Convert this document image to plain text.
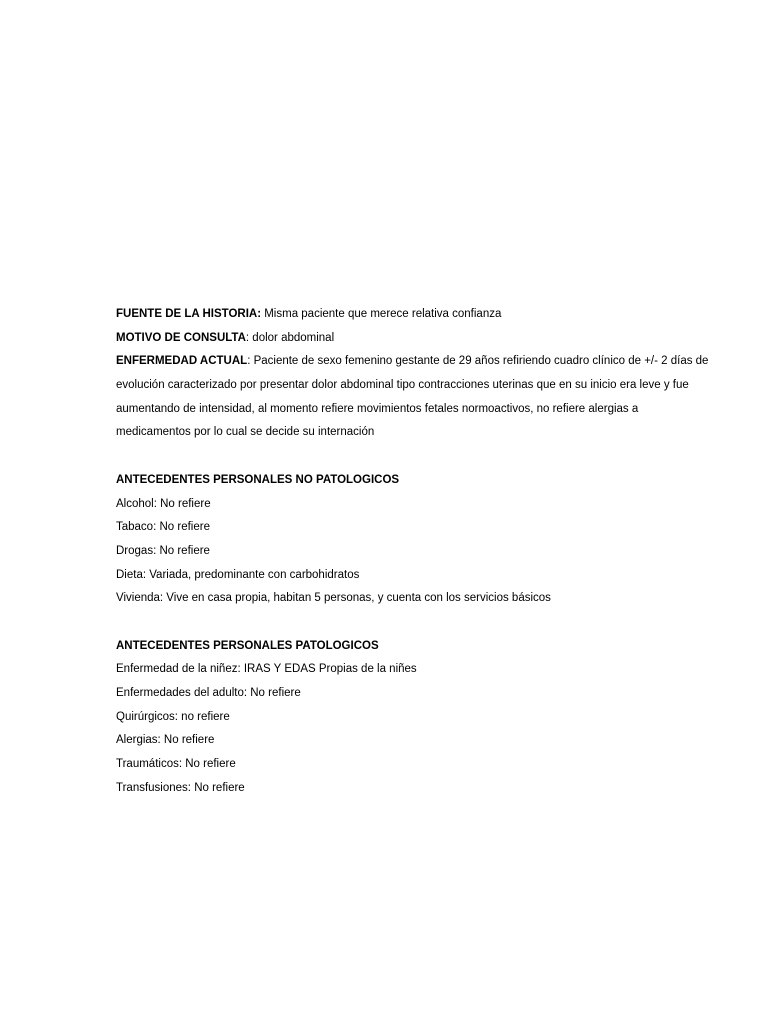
FUENTE DE LA HISTORIA: Misma paciente que merece relativa confianza
MOTIVO DE CONSULTA: dolor abdominal
ENFERMEDAD ACTUAL: Paciente de sexo femenino gestante de 29 años refiriendo cuadro clínico de +/- 2 días de
evolución caracterizado por presentar dolor abdominal tipo contracciones uterinas que en su inicio era leve y fue
aumentando de intensidad, al momento refiere movimientos fetales normoactivos, no refiere alergias a
medicamentos por lo cual se decide su internación
ANTECEDENTES PERSONALES NO PATOLOGICOS
Alcohol: No refiere
Tabaco: No refiere
Drogas: No refiere
Dieta: Variada, predominante con carbohidratos
Vivienda: Vive en casa propia, habitan 5 personas, y cuenta con los servicios básicos
ANTECEDENTES PERSONALES PATOLOGICOS
Enfermedad de la niñez: IRAS Y EDAS Propias de la niñes
Enfermedades del adulto: No refiere
Quirúrgicos: no refiere
Alergias: No refiere
Traumáticos: No refiere
Transfusiones: No refiere
